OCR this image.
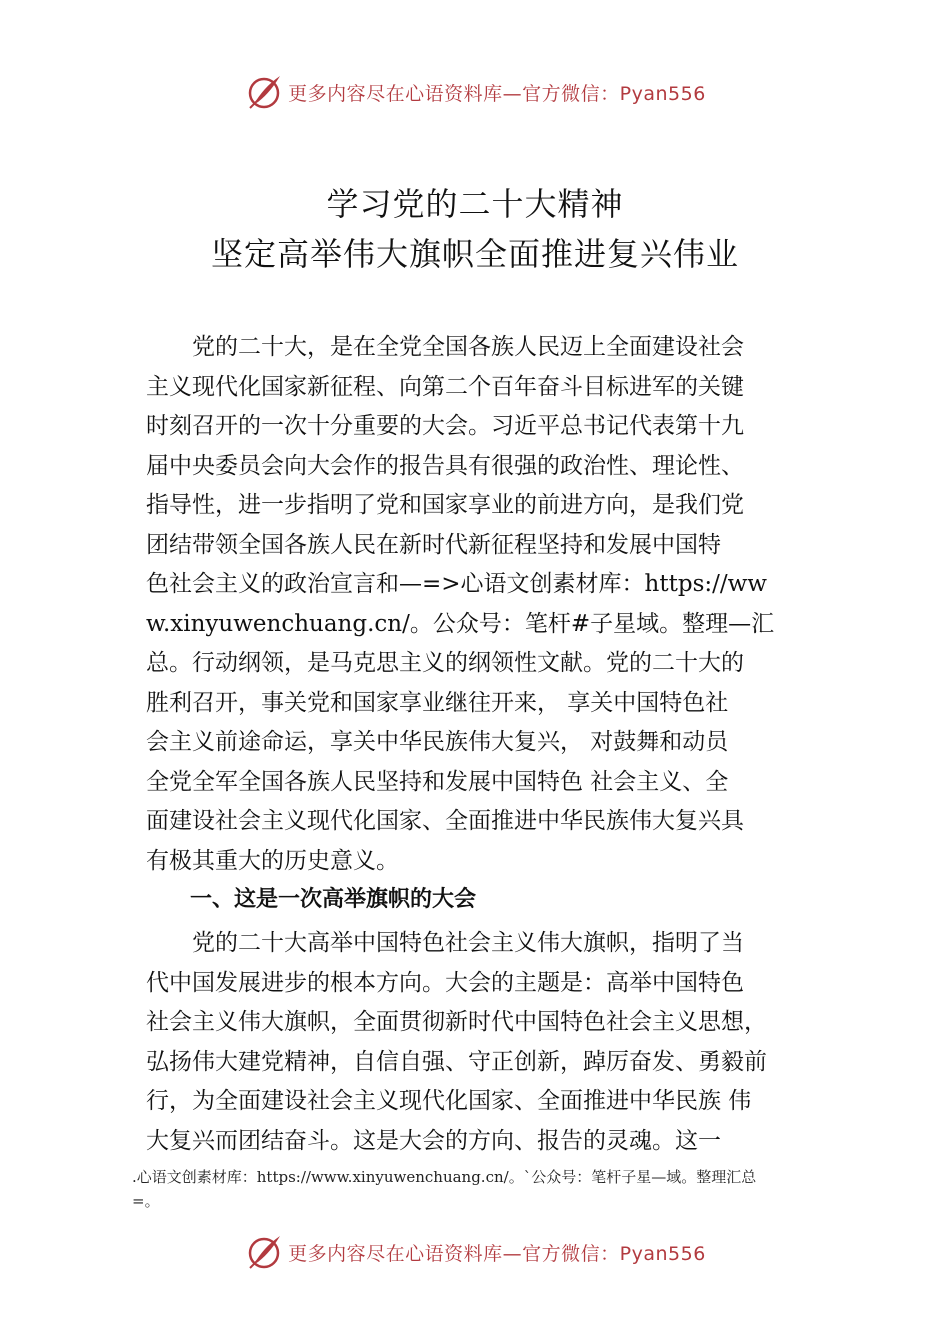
更多内容尽在心语资料库—官方微信：Pyan556
学习党的二十大精神
坚定高举伟大旗帜全面推进复兴伟业
　　党的二十大，是在全党全国各族人民迈上全面建设社会
主义现代化国家新征程、向第二个百年奋斗目标进军的关键
时刻召开的一次十分重要的大会。习近平总书记代表第十九
届中央委员会向大会作的报告具有很强的政治性、理论性、
指导性，进一步指明了党和国家享业的前进方向，是我们党
团结带领全国各族人民在新时代新征程坚持和发展中国特
色社会主义的政治宣言和—=>心语文创素材库：https://ww
w.xinyuwenchuang.cn/。公众号：笔杆#子星域。整理—汇
总。行动纲领，是马克思主义的纲领性文献。党的二十大的
胜利召开，事关党和国家享业继往开来， 享关中国特色社
会主义前途命运，享关中华民族伟大复兴， 对鼓舞和动员
全党全军全国各族人民坚持和发展中国特色 社会主义、全
面建设社会主义现代化国家、全面推进中华民族伟大复兴具
有极其重大的历史意义。
　　一、这是一次高举旗帜的大会
　　党的二十大高举中国特色社会主义伟大旗帜，指明了当
代中国发展进步的根本方向。大会的主题是：高举中国特色
社会主义伟大旗帜，全面贯彻新时代中国特色社会主义思想，
弘扬伟大建党精神，自信自强、守正创新，踔厉奋发、勇毅前
行，为全面建设社会主义现代化国家、全面推进中华民族 伟
大复兴而团结奋斗。这是大会的方向、报告的灵魂。这一
.心语文创素材库：https://www.xinyuwenchuang.cn/。`公众号：笔杆子星—域。整理汇总
=。
更多内容尽在心语资料库—官方微信：Pyan556
